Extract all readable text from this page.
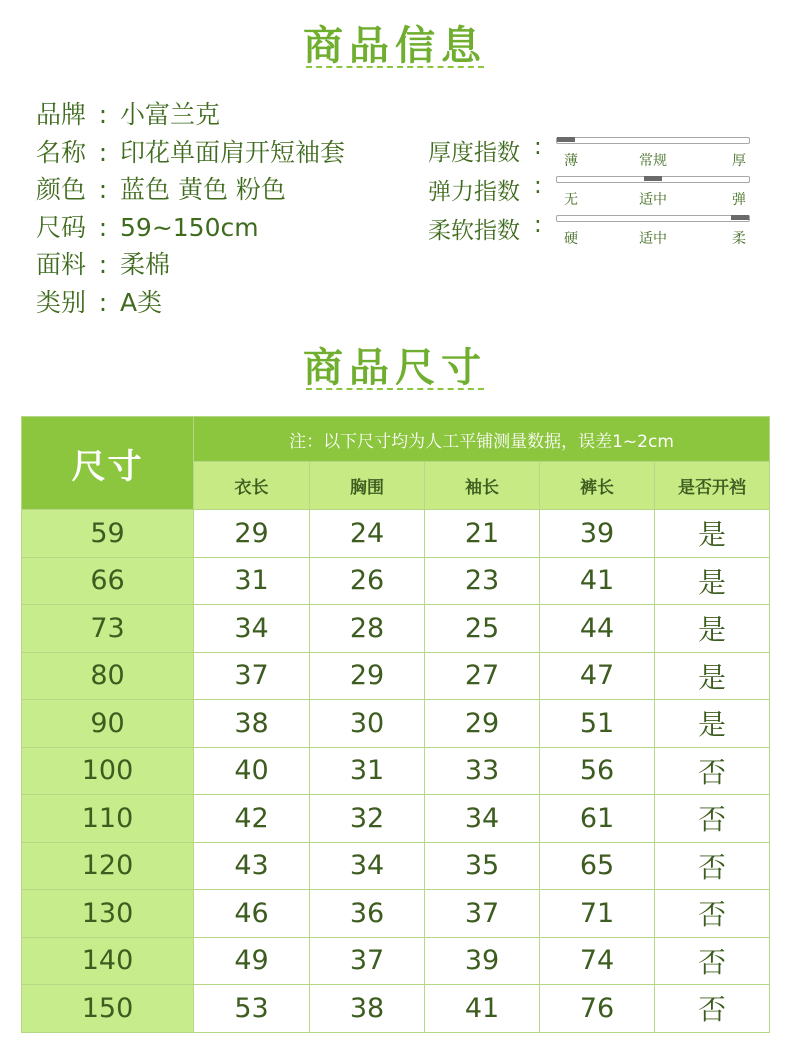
商品信息
品牌 : 小富兰克
名称 : 印花单面肩开短袖套
颜色 : 蓝色 黄色 粉色
尺码 : 59~150cm
面料 : 柔棉
类别 : A类
厚度指数 :
薄	常规	厚
弹力指数 :
无	适中	弹
柔软指数 :
硬	适中	柔
商品尺寸
尺寸	注：以下尺寸均为人工平铺测量数据，误差1~2cm				
	衣长	胸围	袖长	裤长	是否开裆
59	29	24	21	39	是
66	31	26	23	41	是
73	34	28	25	44	是
80	37	29	27	47	是
90	38	30	29	51	是
100	40	31	33	56	否
110	42	32	34	61	否
120	43	34	35	65	否
130	46	36	37	71	否
140	49	37	39	74	否
150	53	38	41	76	否
